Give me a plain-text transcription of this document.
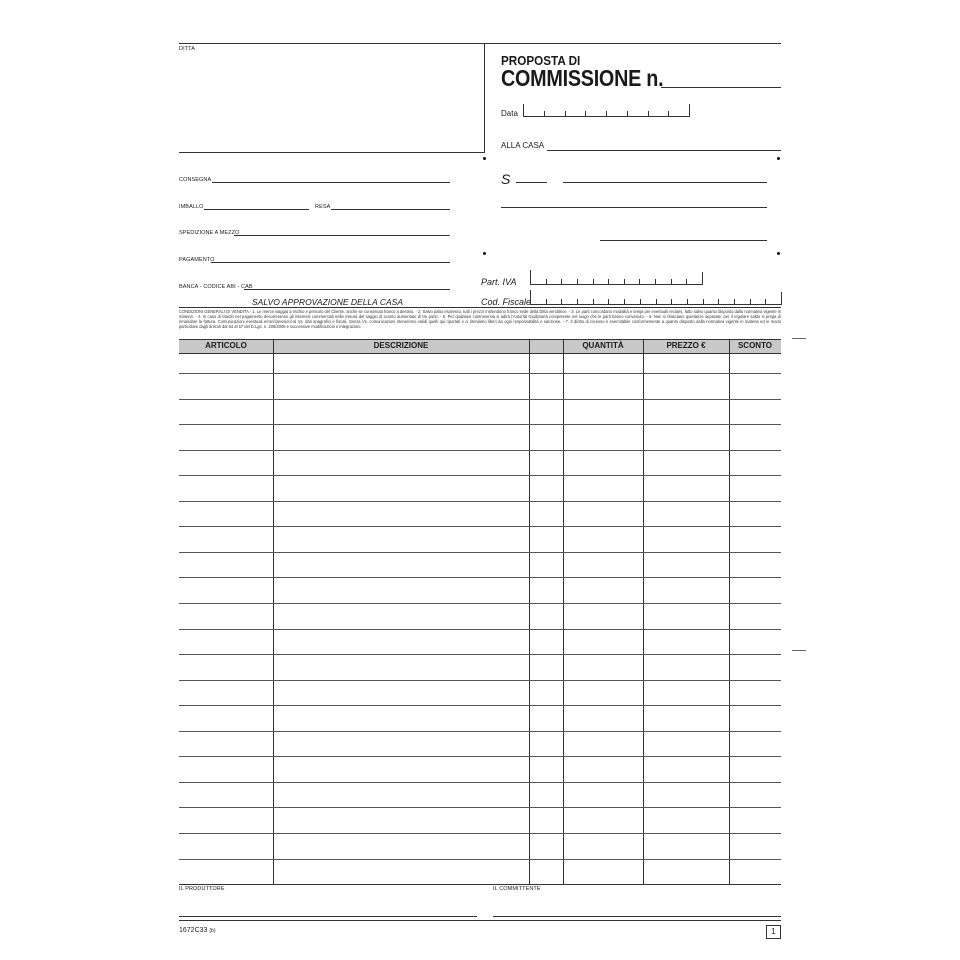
DITTA
PROPOSTA DI
COMMISSIONE n.
Data
ALLA CASA
CONSEGNA
IMBALLO	RESA
SPEDIZIONE A MEZZO
PAGAMENTO
BANCA - CODICE ABI - CAB
SALVO APPROVAZIONE DELLA CASA
S
Part. IVA
Cod. Fiscale
CONDIZIONI GENERALI DI VENDITA - 1. Le merce viaggia a rischio e pericolo del Cliente, anche se consenuta franco a destino. - 2. Salvo patto espresso, tutti i prezzi s'intendono franco sede della Ditta venditrice. - 3. Le parti concordano modalità e tempi per eventuali reclami, fatto salvo quanto disposto dalla normativa vigente in materia. - 4. In caso di ritardo nel pagamento decorreranno gli interessi commerciali nella misura del saggio di sconto aumentato di tre punti. - 5. Per qualsiasi controversia si adirà l'Autorità Giudiziaria competente nel luogo che le parti hanno convenuto. - 6. Non si rilasciano quietanze separate; per il regolare saldo si prega di rimandare la fattura. Comunicazioni eventuali errori/omissioni al Vs. dati anagrafici e fiscali. Senza Vs. comunicazioni riteneremo validi quelli qui riportati e ci riteniamo liberi da ogni responsabilità e sanzione. - 7. Il diritto di recesso è esercitabile conformemente a quanto disposto dalla normativa vigente in materia ed in modo particolare dagli articoli dal 64 al 67 del D.Lgs. n. 206/2005 e successive modificazioni e integrazioni.
ARTICOLO	DESCRIZIONE	QUANTITÀ	PREZZO €	SCONTO
IL PRODUTTORE	IL COMMITTENTE
1672C33 (b)	1
